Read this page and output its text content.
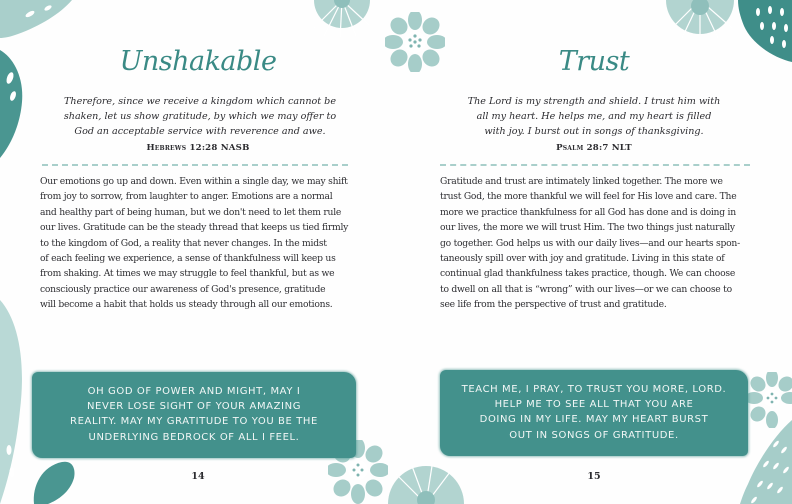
Unshakable
Therefore, since we receive a kingdom which cannot be
shaken, let us show gratitude, by which we may offer to
God an acceptable service with reverence and awe.
Hebrews 12:28 NASB
Our emotions go up and down. Even within a single day, we may shift
from joy to sorrow, from laughter to anger. Emotions are a normal
and healthy part of being human, but we don't need to let them rule
our lives. Gratitude can be the steady thread that keeps us tied firmly
to the kingdom of God, a reality that never changes. In the midst
of each feeling we experience, a sense of thankfulness will keep us
from shaking. At times we may struggle to feel thankful, but as we
consciously practice our awareness of God's presence, gratitude
will become a habit that holds us steady through all our emotions.
OH GOD OF POWER AND MIGHT, MAY I
NEVER LOSE SIGHT OF YOUR AMAZING
REALITY. MAY MY GRATITUDE TO YOU BE THE
UNDERLYING BEDROCK OF ALL I FEEL.
14
Trust
The Lord is my strength and shield. I trust him with
all my heart. He helps me, and my heart is filled
with joy. I burst out in songs of thanksgiving.
Psalm 28:7 NLT
Gratitude and trust are intimately linked together. The more we
trust God, the more thankful we will feel for His love and care. The
more we practice thankfulness for all God has done and is doing in
our lives, the more we will trust Him. The two things just naturally
go together. God helps us with our daily lives—and our hearts spon-
taneously spill over with joy and gratitude. Living in this state of
continual glad thankfulness takes practice, though. We can choose
to dwell on all that is “wrong” with our lives—or we can choose to
see life from the perspective of trust and gratitude.
TEACH ME, I PRAY, TO TRUST YOU MORE, LORD.
HELP ME TO SEE ALL THAT YOU ARE
DOING IN MY LIFE. MAY MY HEART BURST
OUT IN SONGS OF GRATITUDE.
15
